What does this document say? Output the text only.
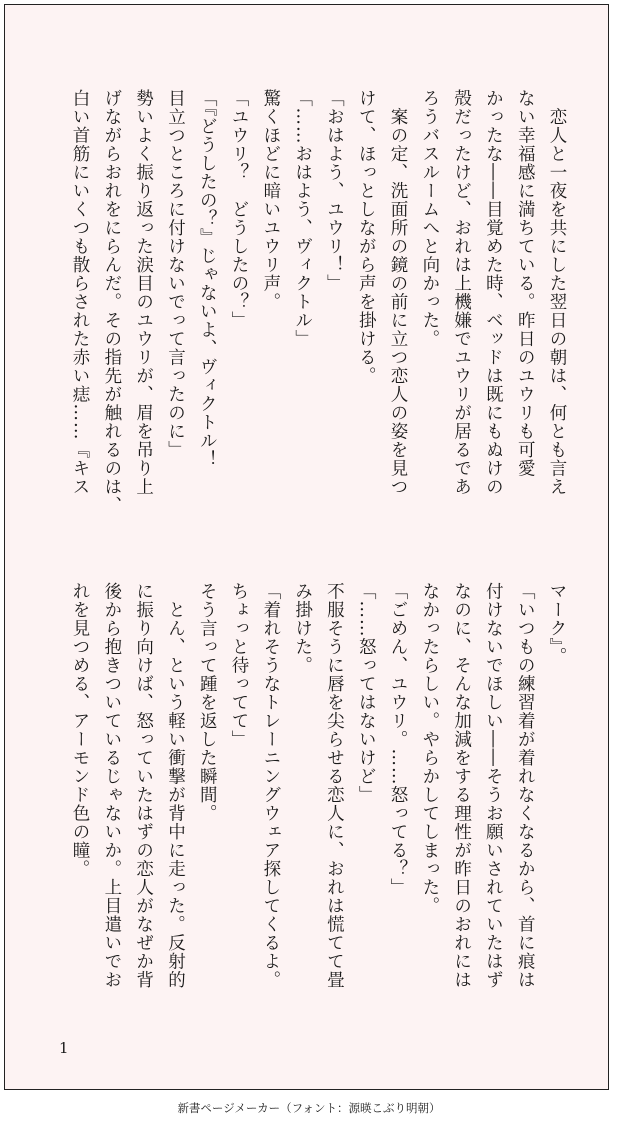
　恋人と一夜を共にした翌日の朝は、何とも言え
ない幸福感に満ちている。昨日のユウリも可愛
かったな――目覚めた時、ベッドは既にもぬけの
殻だったけど、おれは上機嫌でユウリが居るであ
ろうバスルームへと向かった。
　案の定、洗面所の鏡の前に立つ恋人の姿を見つ
けて、ほっとしながら声を掛ける。
「おはよう、ユウリ！」
「……おはよう、ヴィクトル」
驚くほどに暗いユウリ声。
「ユウリ？　どうしたの？」
「『どうしたの？』じゃないよ、ヴィクトル！
目立つところに付けないでって言ったのに」
勢いよく振り返った涙目のユウリが、眉を吊り上
げながらおれをにらんだ。その指先が触れるのは、
白い首筋にいくつも散らされた赤い痣……『キス
マーク』。
「いつもの練習着が着れなくなるから、首に痕は
付けないでほしい――そうお願いされていたはず
なのに、そんな加減をする理性が昨日のおれには
なかったらしい。やらかしてしまった。
「ごめん、ユウリ。……怒ってる？」
「……怒ってはないけど」
不服そうに唇を尖らせる恋人に、おれは慌てて畳
み掛けた。
「着れそうなトレーニングウェア探してくるよ。
ちょっと待ってて」
そう言って踵を返した瞬間。
　とん、という軽い衝撃が背中に走った。反射的
に振り向けば、怒っていたはずの恋人がなぜか背
後から抱きついているじゃないか。上目遣いでお
れを見つめる、アーモンド色の瞳。
1
新書ページメーカー（フォント：源暎こぶり明朝）
